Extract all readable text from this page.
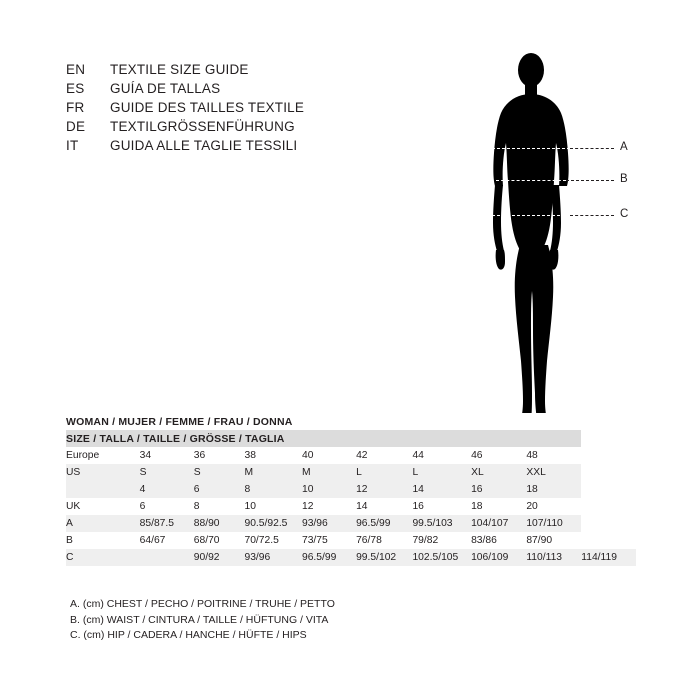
EN	TEXTILE SIZE GUIDE
ES	GUÍA DE TALLAS
FR	GUIDE DES TAILLES TEXTILE
DE	TEXTILGRÖSSENFÜHRUNG
IT	GUIDA ALLE TAGLIE TESSILI	A
B
C
WOMAN / MUJER / FEMME / FRAU / DONNA									
SIZE / TALLA / TAILLE / GRÖSSE / TAGLIA									
Europe	34	36	38	40	42	44	46	48	
US	S	S	M	M	L	L	XL	XXL	
	4	6	8	10	12	14	16	18	
UK	6	8	10	12	14	16	18	20	
A	85/87.5	88/90	90.5/92.5	93/96	96.5/99	99.5/103	104/107	107/110	
B	64/67	68/70	70/72.5	73/75	76/78	79/82	83/86	87/90	
C		90/92	93/96	96.5/99	99.5/102	102.5/105	106/109	110/113	114/119
A. (cm) CHEST / PECHO / POITRINE / TRUHE / PETTO
B. (cm) WAIST / CINTURA / TAILLE / HÜFTUNG / VITA
C. (cm) HIP / CADERA / HANCHE / HÜFTE / HIPS
